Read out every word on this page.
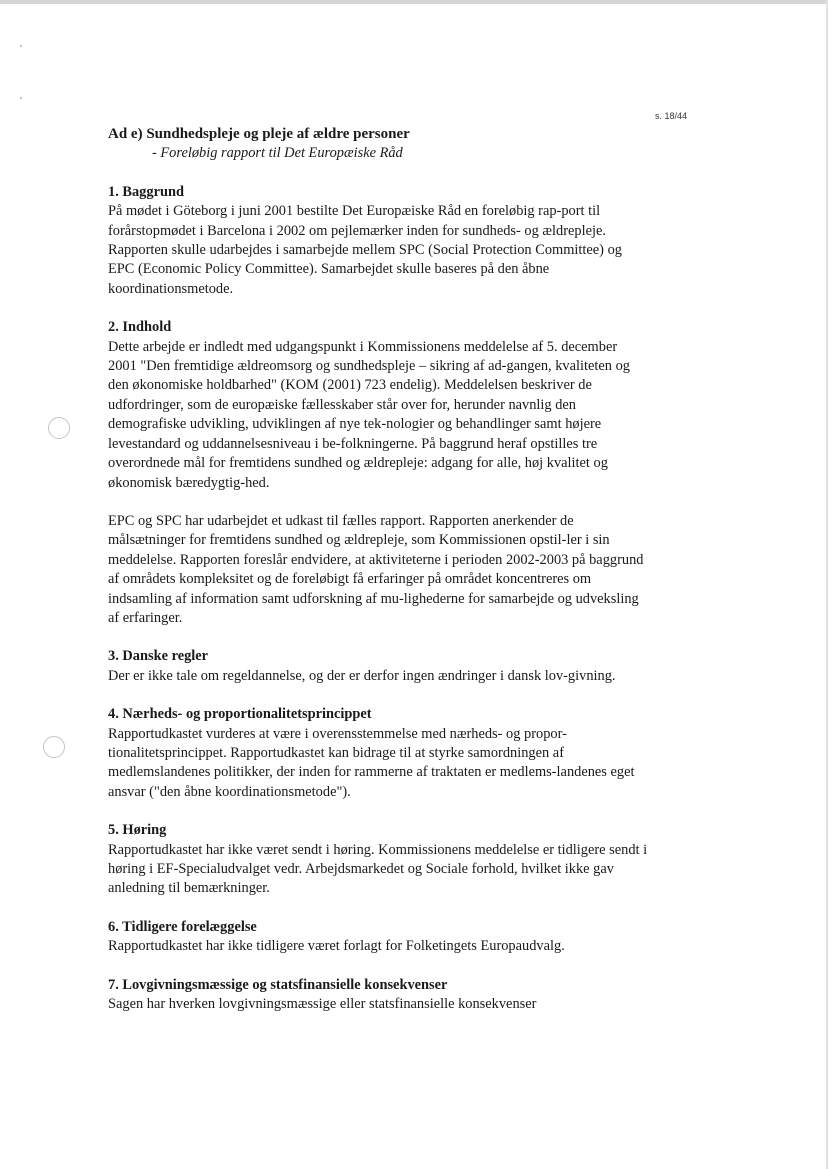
s. 18/44

Ad e) Sundhedspleje og pleje af ældre personer

- Foreløbig rapport til Det Europæiske Råd

1. Baggrund

På mødet i Göteborg i juni 2001 bestilte Det Europæiske Råd en foreløbig rap-port til forårstopmødet i Barcelona i 2002 om pejlemærker inden for sundheds- og ældrepleje. Rapporten skulle udarbejdes i samarbejde mellem SPC (Social Protection Committee) og EPC (Economic Policy Committee). Samarbejdet skulle baseres på den åbne koordinationsmetode.

2. Indhold

Dette arbejde er indledt med udgangspunkt i Kommissionens meddelelse af 5. december 2001 "Den fremtidige ældreomsorg og sundhedspleje – sikring af ad-gangen, kvaliteten og den økonomiske holdbarhed" (KOM (2001) 723 endelig). Meddelelsen beskriver de udfordringer, som de europæiske fællesskaber står over for, herunder navnlig den demografiske udvikling, udviklingen af nye tek-nologier og behandlinger samt højere levestandard og uddannelsesniveau i be-folkningerne. På baggrund heraf opstilles tre overordnede mål for fremtidens sundhed og ældrepleje: adgang for alle, høj kvalitet og økonomisk bæredygtig-hed.

EPC og SPC har udarbejdet et udkast til fælles rapport. Rapporten anerkender de målsætninger for fremtidens sundhed og ældrepleje, som Kommissionen opstil-ler i sin meddelelse. Rapporten foreslår endvidere, at aktiviteterne i perioden 2002-2003 på baggrund af områdets kompleksitet og de foreløbigt få erfaringer på området koncentreres om indsamling af information samt udforskning af mu-lighederne for samarbejde og udveksling af erfaringer.

3. Danske regler

Der er ikke tale om regeldannelse, og der er derfor ingen ændringer i dansk lov-givning.

4. Nærheds- og proportionalitetsprincippet

Rapportudkastet vurderes at være i overensstemmelse med nærheds- og propor-tionalitetsprincippet. Rapportudkastet kan bidrage til at styrke samordningen af medlemslandenes politikker, der inden for rammerne af traktaten er medlems-landenes eget ansvar ("den åbne koordinationsmetode").

5. Høring

Rapportudkastet har ikke været sendt i høring. Kommissionens meddelelse er tidligere sendt i høring i EF-Specialudvalget vedr. Arbejdsmarkedet og Sociale forhold, hvilket ikke gav anledning til bemærkninger.

6. Tidligere forelæggelse

Rapportudkastet har ikke tidligere været forlagt for Folketingets Europaudvalg.

7. Lovgivningsmæssige og statsfinansielle konsekvenser

Sagen har hverken lovgivningsmæssige eller statsfinansielle konsekvenser
